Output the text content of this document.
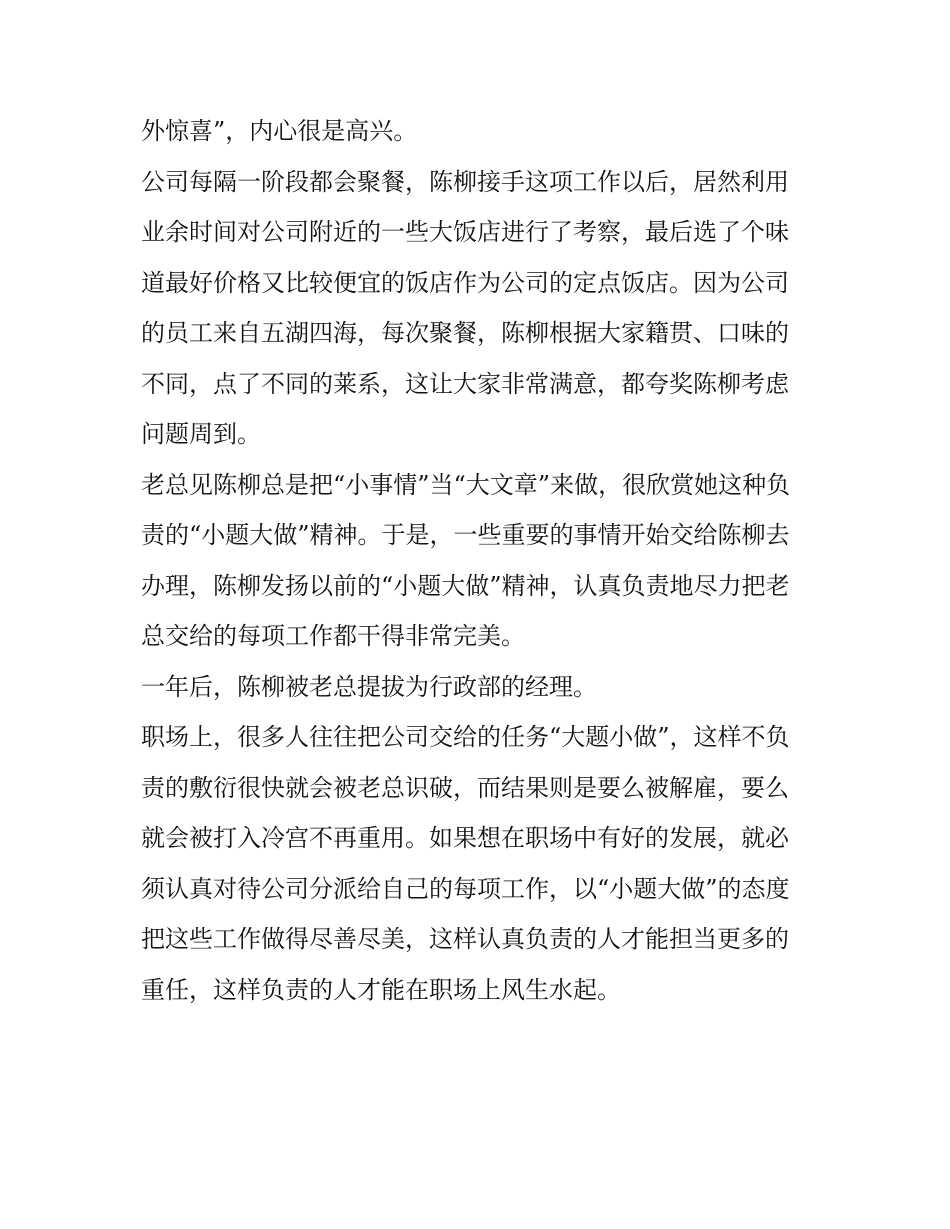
外惊喜”，内心很是高兴。
公司每隔一阶段都会聚餐，陈柳接手这项工作以后，居然利用
业余时间对公司附近的一些大饭店进行了考察，最后选了个味
道最好价格又比较便宜的饭店作为公司的定点饭店。因为公司
的员工来自五湖四海，每次聚餐，陈柳根据大家籍贯、口味的
不同，点了不同的莱系，这让大家非常满意，都夸奖陈柳考虑
问题周到。
老总见陈柳总是把“小事情”当“大文章”来做，很欣赏她这种负
责的“小题大做”精神。于是，一些重要的事情开始交给陈柳去
办理，陈柳发扬以前的“小题大做”精神，认真负责地尽力把老
总交给的每项工作都干得非常完美。
一年后，陈柳被老总提拔为行政部的经理。
职场上，很多人往往把公司交给的任务“大题小做”，这样不负
责的敷衍很快就会被老总识破，而结果则是要么被解雇，要么
就会被打入冷宫不再重用。如果想在职场中有好的发展，就必
须认真对待公司分派给自己的每项工作，以“小题大做”的态度
把这些工作做得尽善尽美，这样认真负责的人才能担当更多的
重任，这样负责的人才能在职场上风生水起。
